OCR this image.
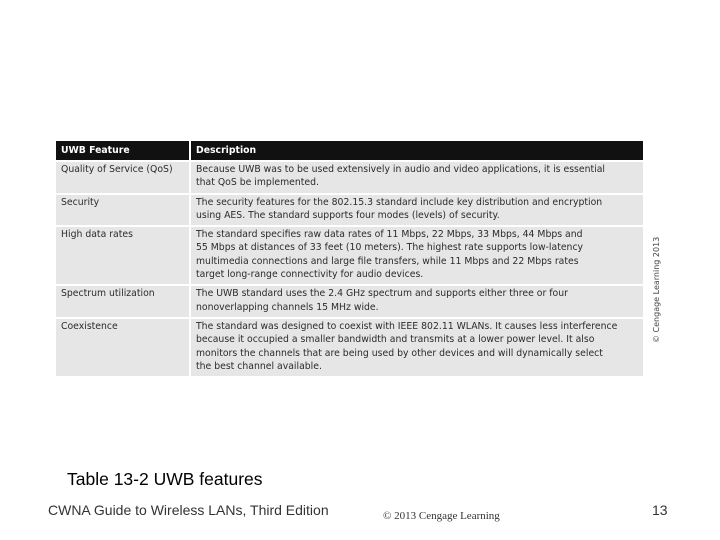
UWB Feature	Description
Quality of Service (QoS)	Because UWB was to be used extensively in audio and video applications, it is essential
that QoS be implemented.
Security	The security features for the 802.15.3 standard include key distribution and encryption
using AES. The standard supports four modes (levels) of security.
High data rates	The standard specifies raw data rates of 11 Mbps, 22 Mbps, 33 Mbps, 44 Mbps and
55 Mbps at distances of 33 feet (10 meters). The highest rate supports low-latency
multimedia connections and large file transfers, while 11 Mbps and 22 Mbps rates
target long-range connectivity for audio devices.
Spectrum utilization	The UWB standard uses the 2.4 GHz spectrum and supports either three or four
nonoverlapping channels 15 MHz wide.
Coexistence	The standard was designed to coexist with IEEE 802.11 WLANs. It causes less interference
because it occupied a smaller bandwidth and transmits at a lower power level. It also
monitors the channels that are being used by other devices and will dynamically select
the best channel available.
© Cengage Learning 2013
Table 13-2 UWB features
CWNA Guide to Wireless LANs, Third Edition	© 2013 Cengage Learning	13
